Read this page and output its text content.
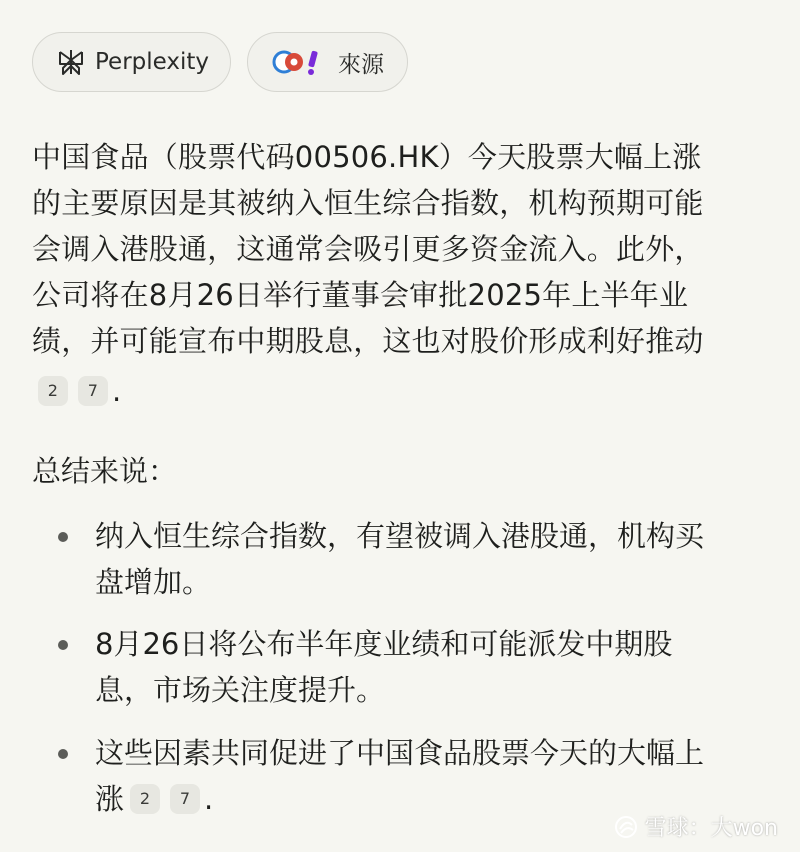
Perplexity	來源
中国食品（股票代码00506.HK）今天股票大幅上涨
的主要原因是其被纳入恒生综合指数，机构预期可能
会调入港股通，这通常会吸引更多资金流入。此外，
公司将在8月26日举行董事会审批2025年上半年业
绩，并可能宣布中期股息，这也对股价形成利好推动
2 7 .
总结来说：
纳入恒生综合指数，有望被调入港股通，机构买
盘增加。
8月26日将公布半年度业绩和可能派发中期股
息，市场关注度提升。
这些因素共同促进了中国食品股票今天的大幅上
涨 2 7 .
雪球：大won
